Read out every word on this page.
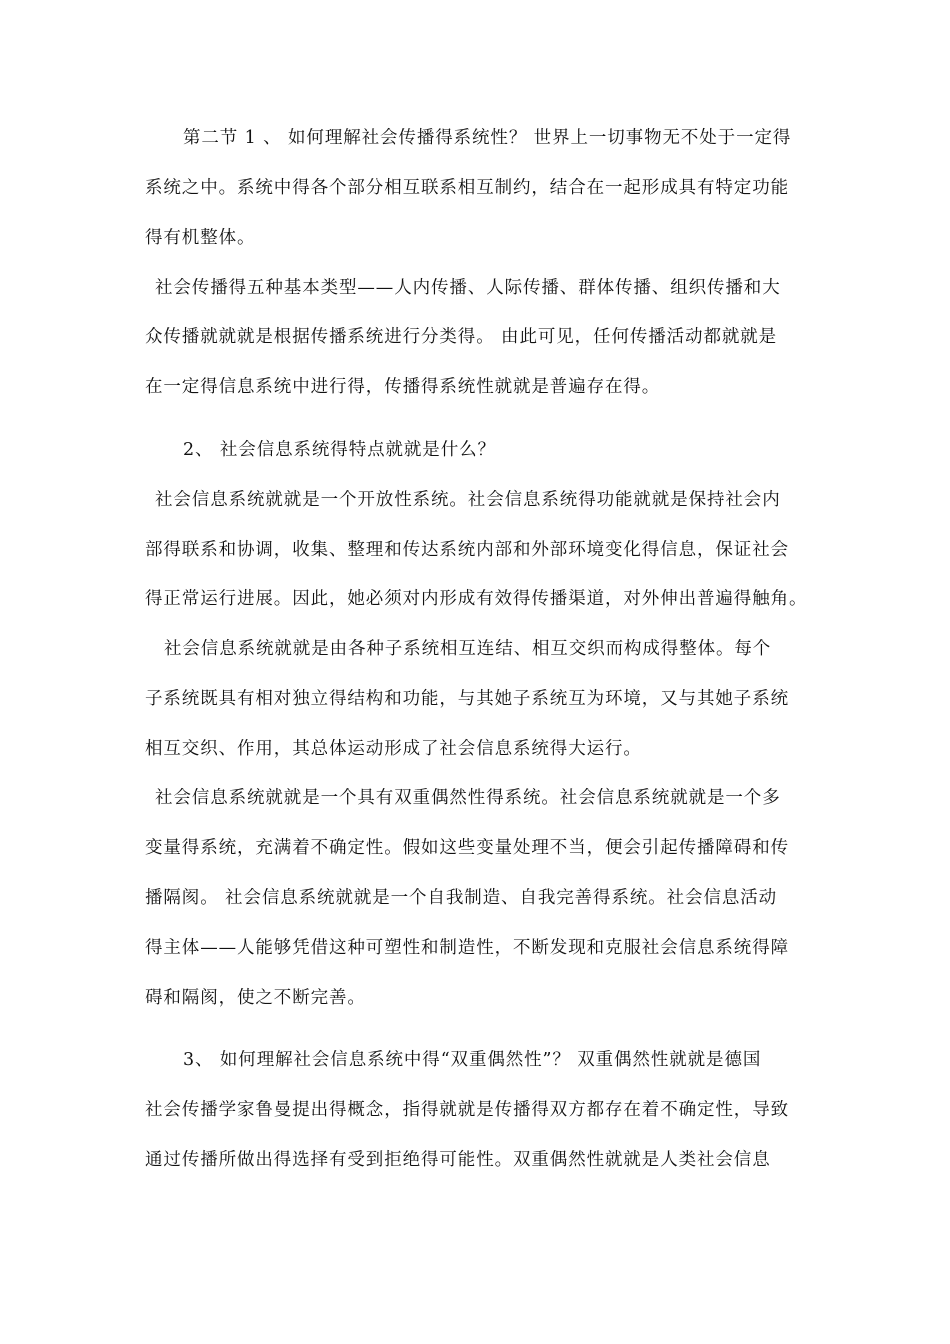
第二节 1 、 如何理解社会传播得系统性？ 世界上一切事物无不处于一定得
系统之中。系统中得各个部分相互联系相互制约，结合在一起形成具有特定功能
得有机整体。
社会传播得五种基本类型——人内传播、人际传播、群体传播、组织传播和大
众传播就就就是根据传播系统进行分类得。 由此可见，任何传播活动都就就是
在一定得信息系统中进行得，传播得系统性就就是普遍存在得。
2、 社会信息系统得特点就就是什么？
社会信息系统就就是一个开放性系统。社会信息系统得功能就就是保持社会内
部得联系和协调，收集、整理和传达系统内部和外部环境变化得信息，保证社会
得正常运行进展。因此，她必须对内形成有效得传播渠道，对外伸出普遍得触角。
社会信息系统就就是由各种子系统相互连结、相互交织而构成得整体。每个
子系统既具有相对独立得结构和功能，与其她子系统互为环境，又与其她子系统
相互交织、作用，其总体运动形成了社会信息系统得大运行。
社会信息系统就就是一个具有双重偶然性得系统。社会信息系统就就是一个多
变量得系统，充满着不确定性。假如这些变量处理不当，便会引起传播障碍和传
播隔阂。 社会信息系统就就是一个自我制造、自我完善得系统。社会信息活动
得主体——人能够凭借这种可塑性和制造性，不断发现和克服社会信息系统得障
碍和隔阂，使之不断完善。
3、 如何理解社会信息系统中得“双重偶然性”？ 双重偶然性就就是德国
社会传播学家鲁曼提出得概念，指得就就是传播得双方都存在着不确定性，导致
通过传播所做出得选择有受到拒绝得可能性。双重偶然性就就是人类社会信息
